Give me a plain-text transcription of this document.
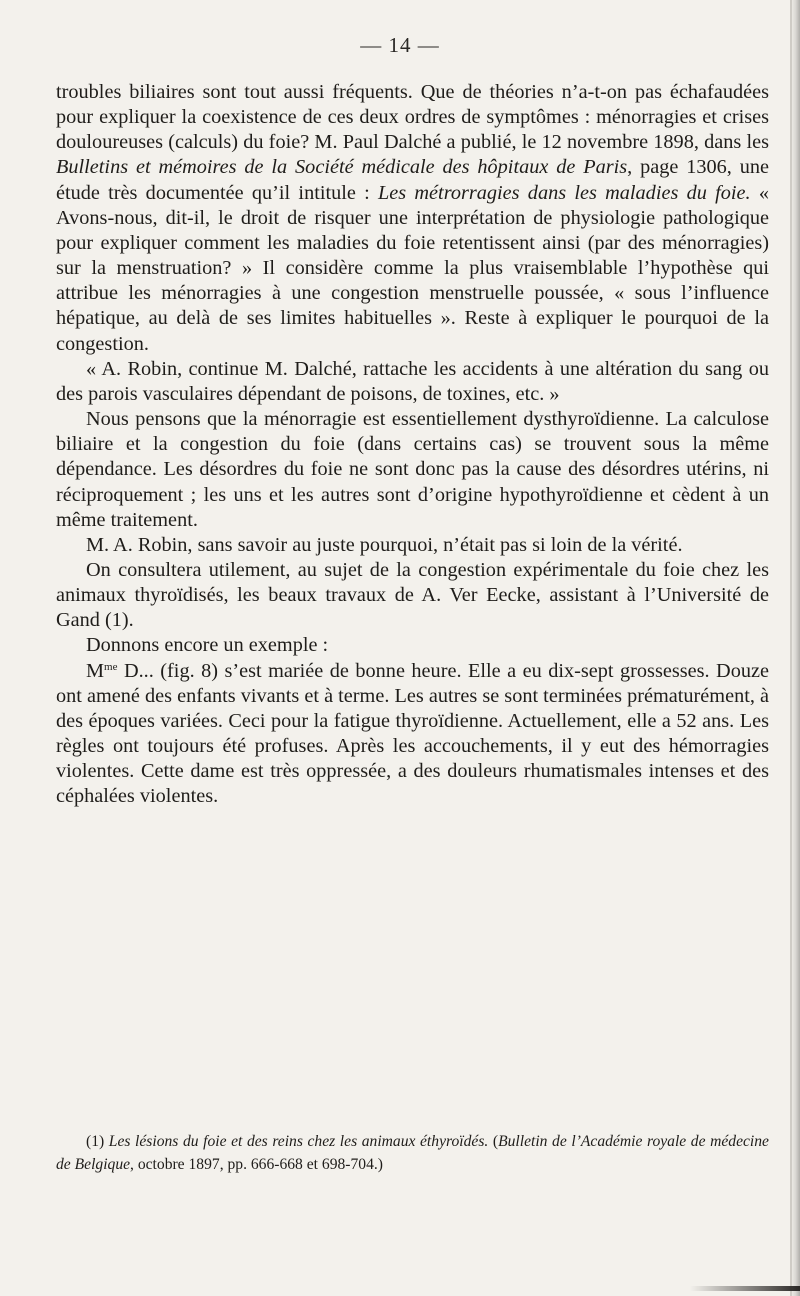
— 14 —

troubles biliaires sont tout aussi fréquents. Que de théories n’a-t-on pas échafaudées pour expliquer la coexistence de ces deux ordres de symptômes : ménorragies et crises douloureuses (calculs) du foie? M. Paul Dalché a publié, le 12 novembre 1898, dans les Bulletins et mémoires de la Société médicale des hôpitaux de Paris, page 1306, une étude très documentée qu’il intitule : Les métrorragies dans les maladies du foie. « Avons-nous, dit-il, le droit de risquer une interprétation de physiologie pathologique pour expliquer comment les maladies du foie retentissent ainsi (par des ménorragies) sur la menstruation? » Il considère comme la plus vraisemblable l’hypothèse qui attribue les ménorragies à une congestion menstruelle poussée, « sous l’influence hépatique, au delà de ses limites habituelles ». Reste à expliquer le pourquoi de la congestion.

« A. Robin, continue M. Dalché, rattache les accidents à une altération du sang ou des parois vasculaires dépendant de poisons, de toxines, etc. »

Nous pensons que la ménorragie est essentiellement dysthyroïdienne. La calculose biliaire et la congestion du foie (dans certains cas) se trouvent sous la même dépendance. Les désordres du foie ne sont donc pas la cause des désordres utérins, ni réciproquement ; les uns et les autres sont d’origine hypothyroïdienne et cèdent à un même traitement.

M. A. Robin, sans savoir au juste pourquoi, n’était pas si loin de la vérité.

On consultera utilement, au sujet de la congestion expérimentale du foie chez les animaux thyroïdisés, les beaux travaux de A. Ver Eecke, assistant à l’Université de Gand (1).

Donnons encore un exemple :

$M^{me}$ D... (fig. 8) s’est mariée de bonne heure. Elle a eu dix-sept grossesses. Douze ont amené des enfants vivants et à terme. Les autres se sont terminées prématurément, à des époques variées. Ceci pour la fatigue thyroïdienne. Actuellement, elle a 52 ans. Les règles ont toujours été profuses. Après les accouchements, il y eut des hémorragies violentes. Cette dame est très oppressée, a des douleurs rhumatismales intenses et des céphalées violentes.

(1) Les lésions du foie et des reins chez les animaux éthyroïdés. (Bulletin de l’Académie royale de médecine de Belgique, octobre 1897, pp. 666-668 et 698-704.)
